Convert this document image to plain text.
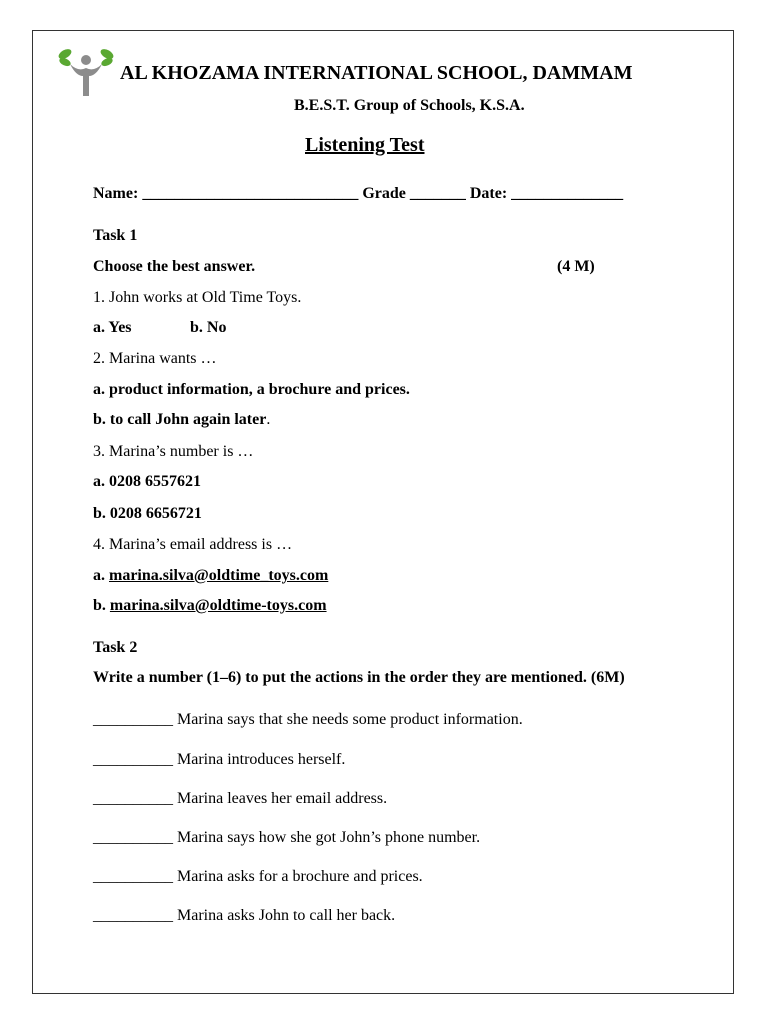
AL KHOZAMA INTERNATIONAL SCHOOL, DAMMAM
B.E.S.T. Group of Schools, K.S.A.
Listening Test
Name: ___________________________ Grade _______ Date: ______________
Task 1
Choose the best answer.	(4 M)
1. John works at Old Time Toys.
a. Yes	b. No
2. Marina wants …
a. product information, a brochure and prices.
b. to call John again later.
3. Marina’s number is …
a. 0208 6557621
b. 0208 6656721
4. Marina’s email address is …
a. marina.silva@oldtime_toys.com
b. marina.silva@oldtime-toys.com
Task 2
Write a number (1–6) to put the actions in the order they are mentioned. (6M)
__________ Marina says that she needs some product information.
__________ Marina introduces herself.
__________ Marina leaves her email address.
__________ Marina says how she got John’s phone number.
__________ Marina asks for a brochure and prices.
__________ Marina asks John to call her back.
